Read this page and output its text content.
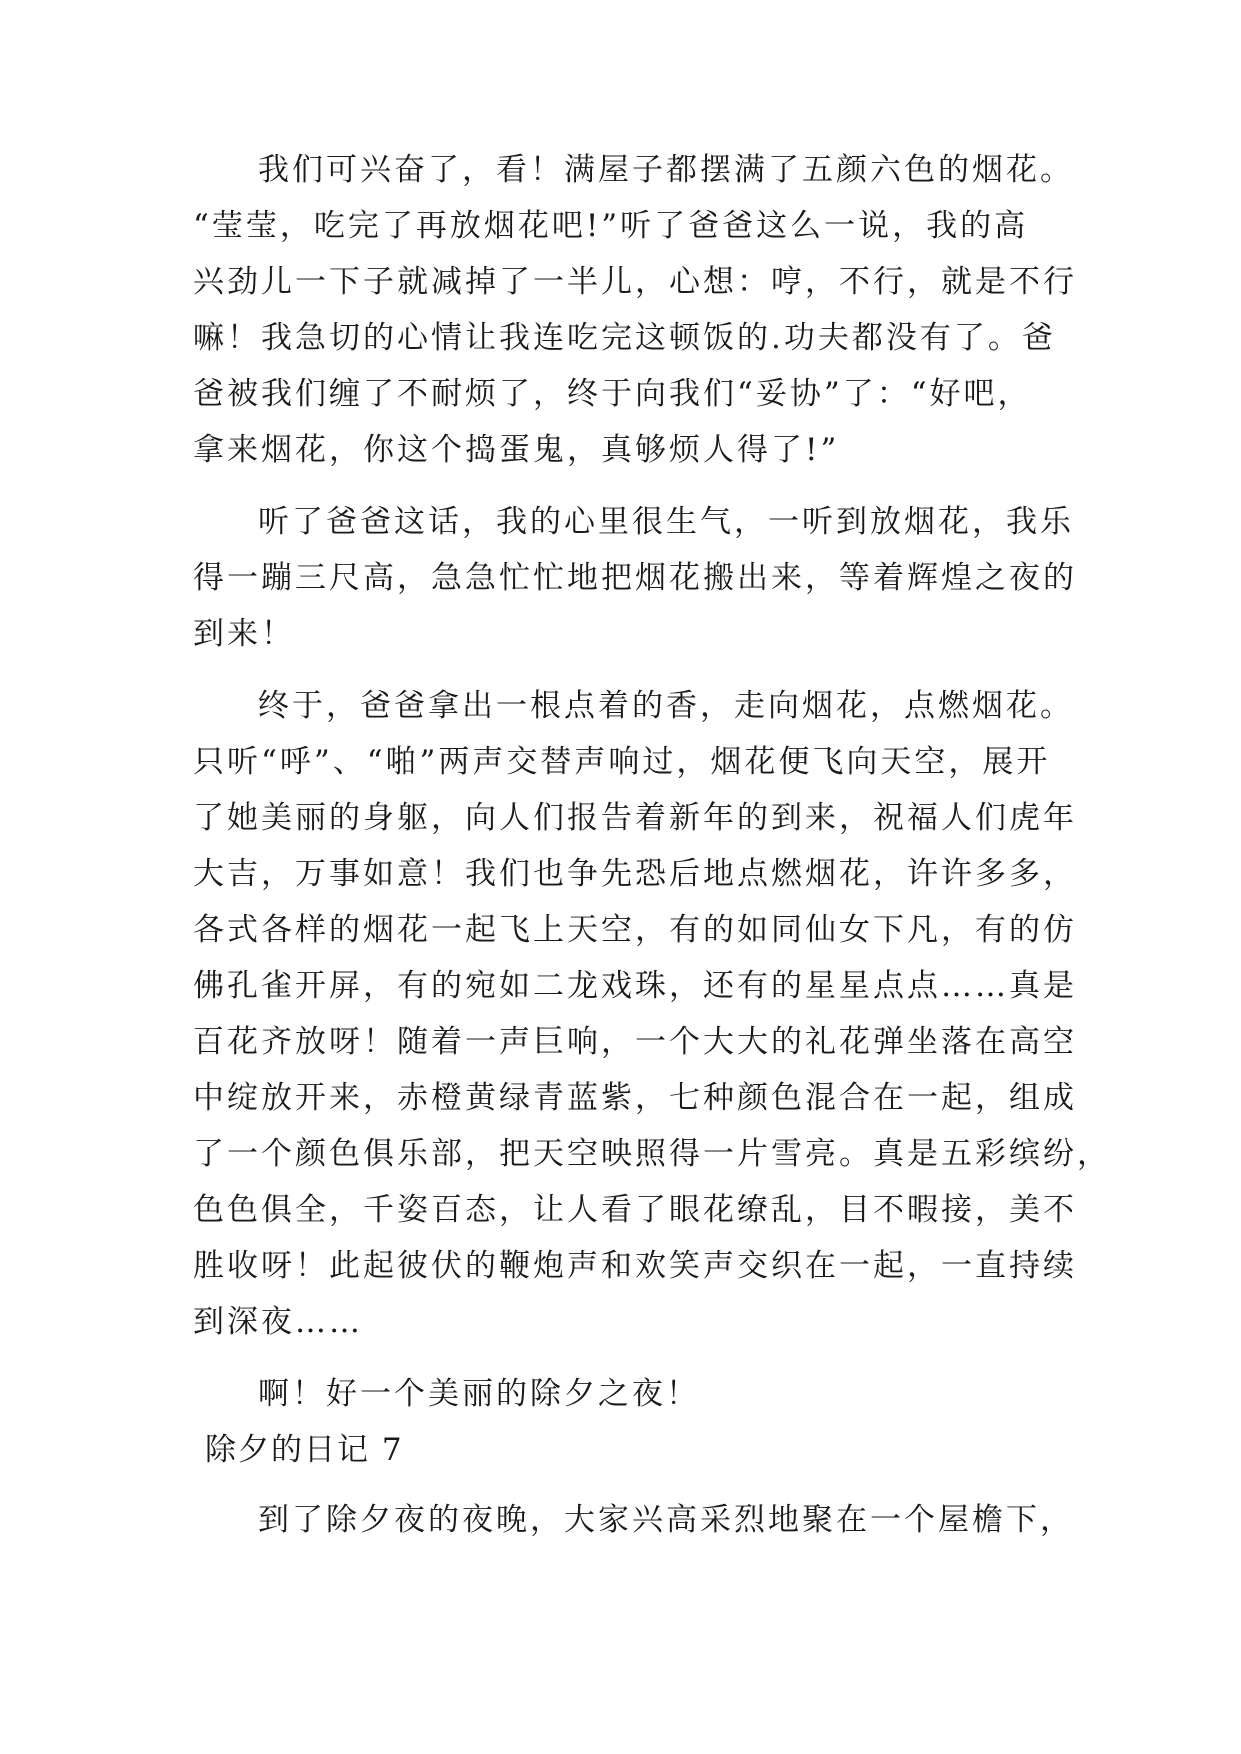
我们可兴奋了，看！满屋子都摆满了五颜六色的烟花。
“莹莹，吃完了再放烟花吧!”听了爸爸这么一说，我的高
兴劲儿一下子就减掉了一半儿，心想：哼，不行，就是不行
嘛！我急切的心情让我连吃完这顿饭的.功夫都没有了。爸
爸被我们缠了不耐烦了，终于向我们“妥协”了：“好吧，
拿来烟花，你这个捣蛋鬼，真够烦人得了!”
听了爸爸这话，我的心里很生气，一听到放烟花，我乐
得一蹦三尺高，急急忙忙地把烟花搬出来，等着辉煌之夜的
到来！
终于，爸爸拿出一根点着的香，走向烟花，点燃烟花。
只听“呼”、“啪”两声交替声响过，烟花便飞向天空，展开
了她美丽的身躯，向人们报告着新年的到来，祝福人们虎年
大吉，万事如意！我们也争先恐后地点燃烟花，许许多多，
各式各样的烟花一起飞上天空，有的如同仙女下凡，有的仿
佛孔雀开屏，有的宛如二龙戏珠，还有的星星点点……真是
百花齐放呀！随着一声巨响，一个大大的礼花弹坐落在高空
中绽放开来，赤橙黄绿青蓝紫，七种颜色混合在一起，组成
了一个颜色俱乐部，把天空映照得一片雪亮。真是五彩缤纷，
色色俱全，千姿百态，让人看了眼花缭乱，目不暇接，美不
胜收呀！此起彼伏的鞭炮声和欢笑声交织在一起，一直持续
到深夜……
啊！好一个美丽的除夕之夜！
除夕的日记 7
到了除夕夜的夜晚，大家兴高采烈地聚在一个屋檐下，
